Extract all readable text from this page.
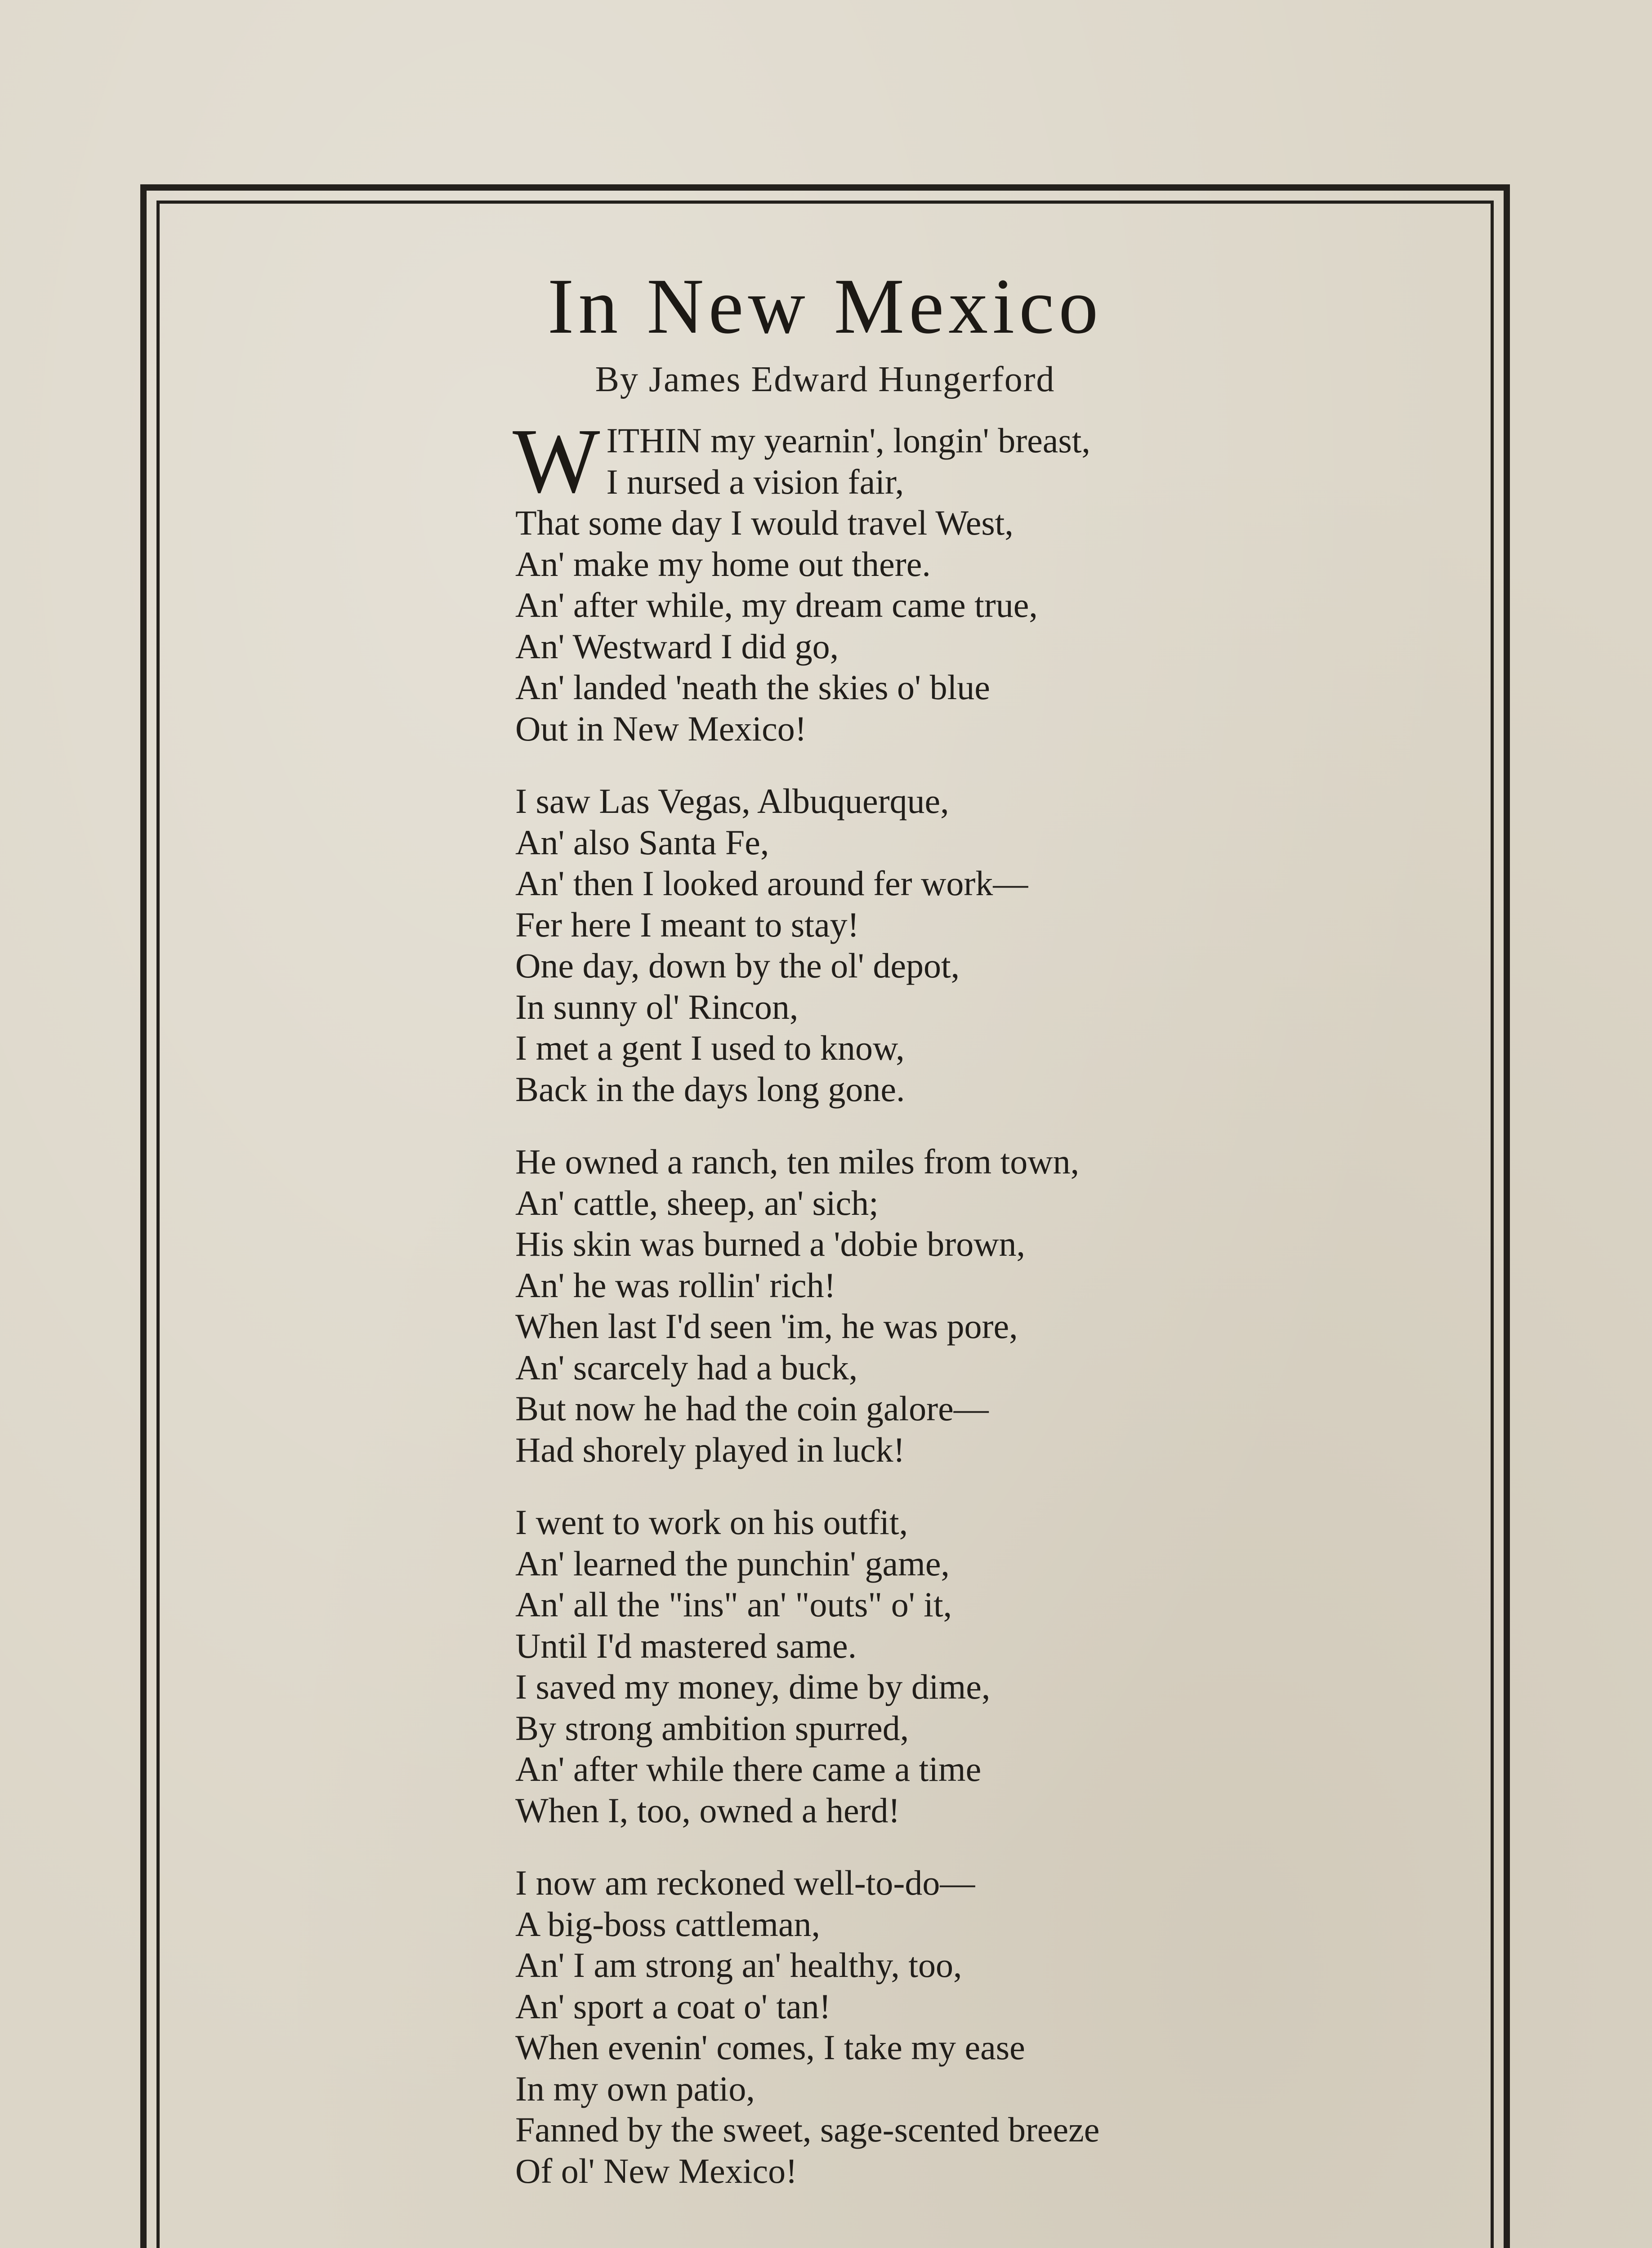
In New Mexico
By James Edward Hungerford
W ITHIN my yearnin', longin' breast,
I nursed a vision fair,
That some day I would travel West,
An' make my home out there.
An' after while, my dream came true,
An' Westward I did go,
An' landed 'neath the skies o' blue
Out in New Mexico!
I saw Las Vegas, Albuquerque,
An' also Santa Fe,
An' then I looked around fer work—
Fer here I meant to stay!
One day, down by the ol' depot,
In sunny ol' Rincon,
I met a gent I used to know,
Back in the days long gone.
He owned a ranch, ten miles from town,
An' cattle, sheep, an' sich;
His skin was burned a 'dobie brown,
An' he was rollin' rich!
When last I'd seen 'im, he was pore,
An' scarcely had a buck,
But now he had the coin galore—
Had shorely played in luck!
I went to work on his outfit,
An' learned the punchin' game,
An' all the "ins" an' "outs" o' it,
Until I'd mastered same.
I saved my money, dime by dime,
By strong ambition spurred,
An' after while there came a time
When I, too, owned a herd!
I now am reckoned well-to-do—
A big-boss cattleman,
An' I am strong an' healthy, too,
An' sport a coat o' tan!
When evenin' comes, I take my ease
In my own patio,
Fanned by the sweet, sage-scented breeze
Of ol' New Mexico!
